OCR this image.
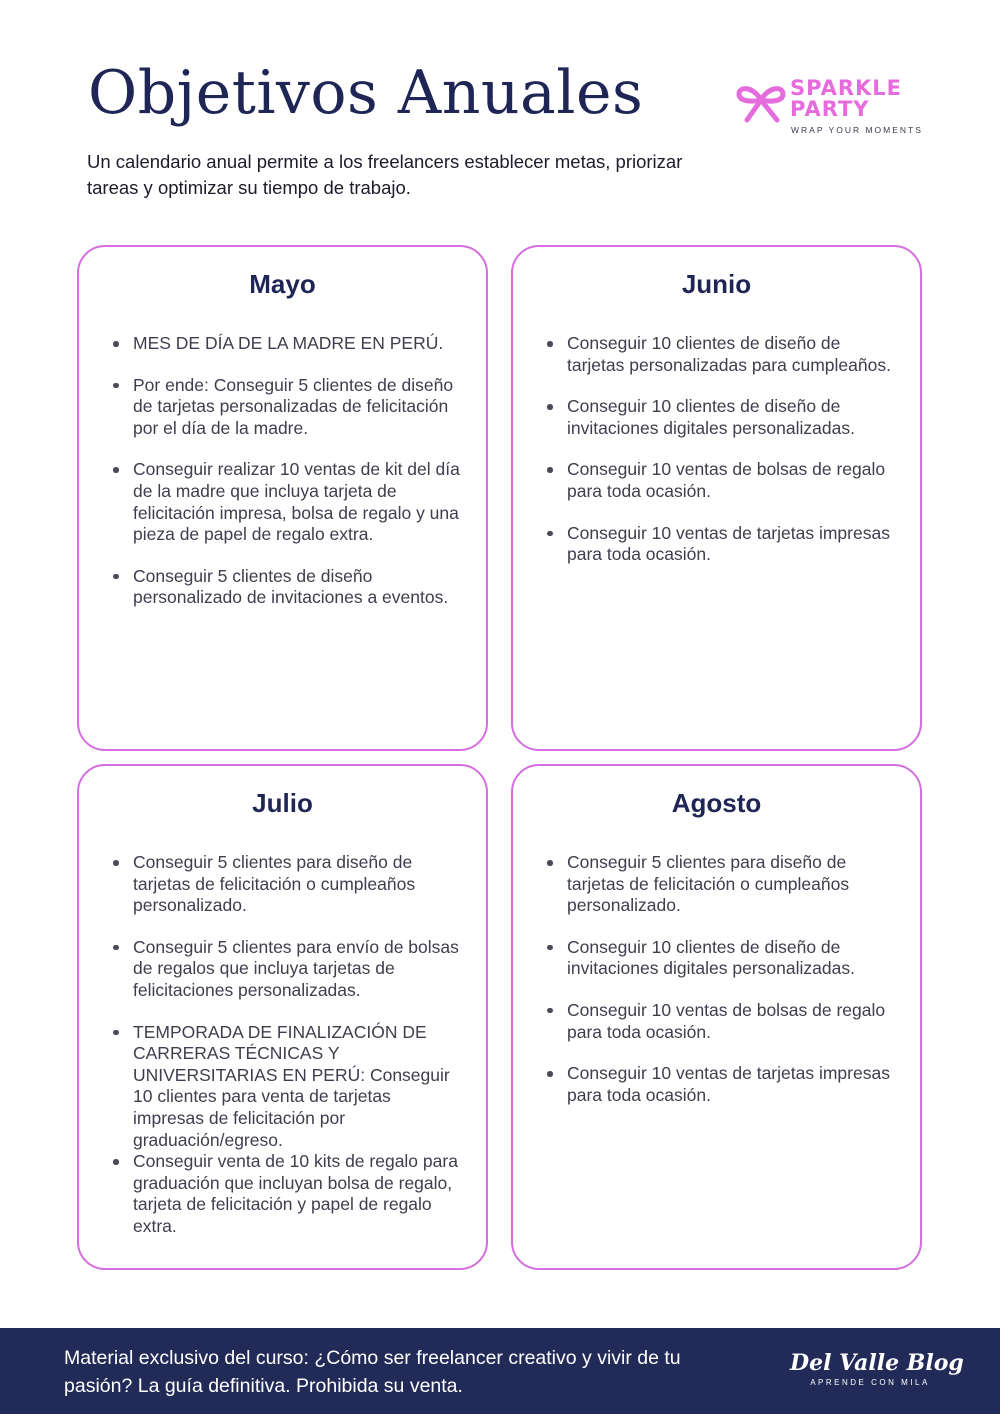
Objetivos Anuales

Un calendario anual permite a los freelancers establecer metas, priorizar tareas y optimizar su tiempo de trabajo.

SPARKLE
PARTY
WRAP YOUR MOMENTS
Mayo
MES DE DÍA DE LA MADRE EN PERÚ.
Por ende: Conseguir 5 clientes de diseño de tarjetas personalizadas de felicitación por el día de la madre.
Conseguir realizar 10 ventas de kit del día de la madre que incluya tarjeta de felicitación impresa, bolsa de regalo y una pieza de papel de regalo extra.
Conseguir 5 clientes de diseño personalizado de invitaciones a eventos.
Junio
Conseguir 10 clientes de diseño de tarjetas personalizadas para cumpleaños.
Conseguir 10 clientes de diseño de invitaciones digitales personalizadas.
Conseguir 10 ventas de bolsas de regalo para toda ocasión.
Conseguir 10 ventas de tarjetas impresas para toda ocasión.
Julio
Conseguir 5 clientes para diseño de tarjetas de felicitación o cumpleaños personalizado.
Conseguir 5 clientes para envío de bolsas de regalos que incluya tarjetas de felicitaciones personalizadas.
TEMPORADA DE FINALIZACIÓN DE CARRERAS TÉCNICAS Y UNIVERSITARIAS EN PERÚ: Conseguir 10 clientes para venta de tarjetas impresas de felicitación por graduación/egreso.
Conseguir venta de 10 kits de regalo para graduación que incluyan bolsa de regalo, tarjeta de felicitación y papel de regalo extra.
Agosto
Conseguir 5 clientes para diseño de tarjetas de felicitación o cumpleaños personalizado.
Conseguir 10 clientes de diseño de invitaciones digitales personalizadas.
Conseguir 10 ventas de bolsas de regalo para toda ocasión.
Conseguir 10 ventas de tarjetas impresas para toda ocasión.

Material exclusivo del curso: ¿Cómo ser freelancer creativo y vivir de tu pasión? La guía definitiva. Prohibida su venta.

Del Valle Blog
APRENDE CON MILA
